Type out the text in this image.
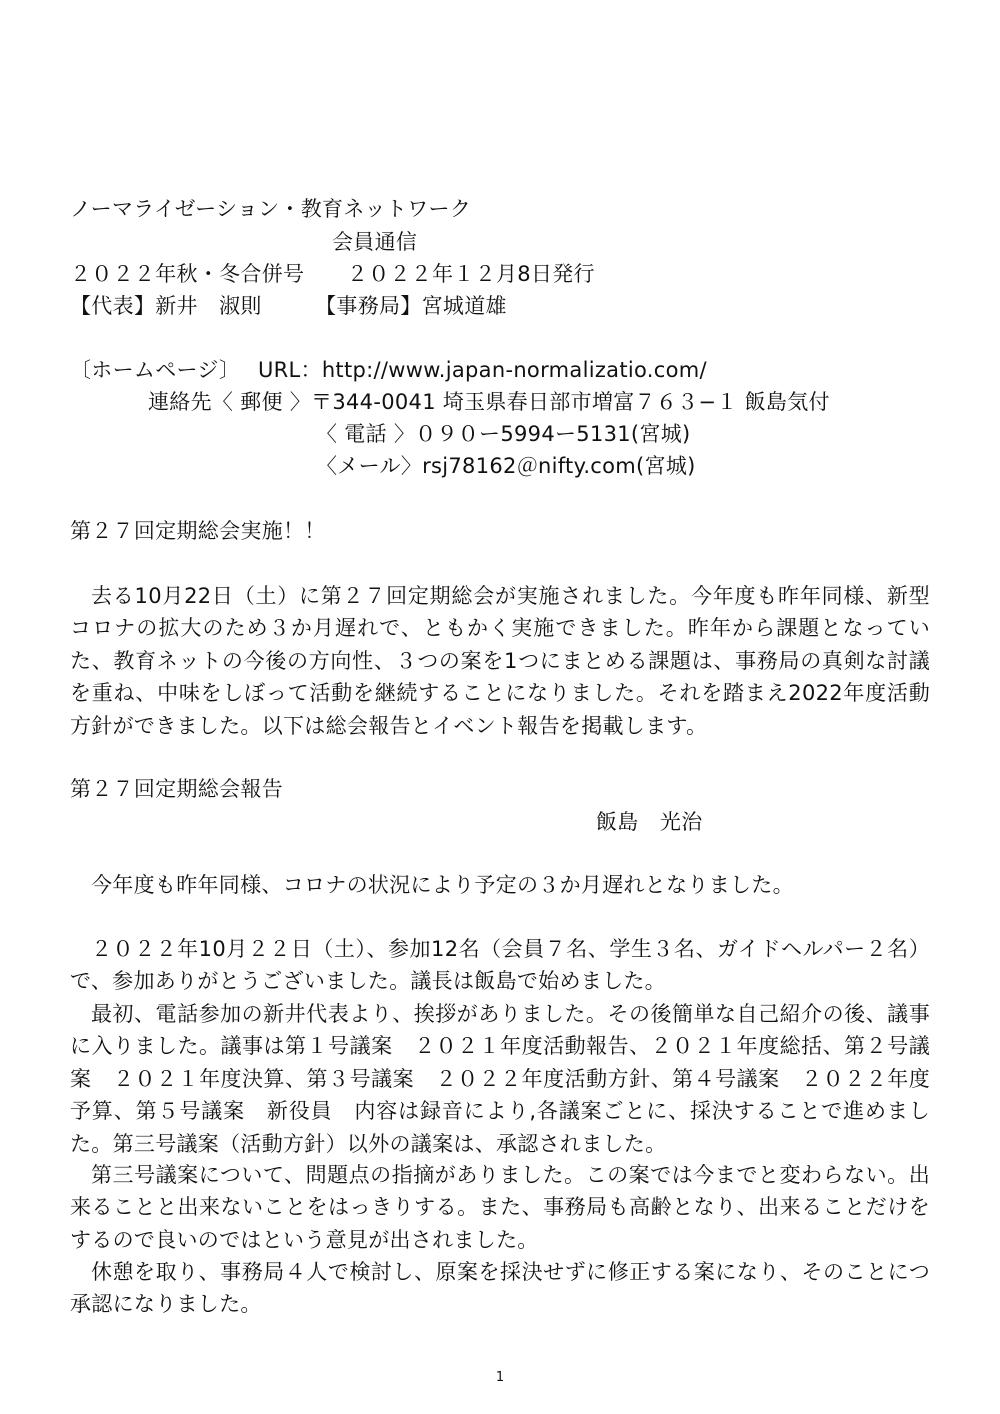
ノーマライゼーション・教育ネットワーク
会員通信
２０２２年秋・冬合併号　　２０２２年１２月8日発行
【代表】新井　淑則　　　【事務局】宮城道雄
〔ホームページ〕　 URL：http://www.japan-normalizatio.com/
連絡先〈 郵便 〉〒344-0041 埼玉県春日部市増富７６３−１ 飯島気付
〈 電話 〉０９０ー5994ー5131(宮城)
〈メール〉rsj78162＠nifty.com(宮城)
第２７回定期総会実施！！
去る10月22日（土）に第２７回定期総会が実施されました。今年度も昨年同様、新型コロナの拡大のため３か月遅れで、ともかく実施できました。昨年から課題となっていた、教育ネットの今後の方向性、３つの案を1つにまとめる課題は、事務局の真剣な討議を重ね、中味をしぼって活動を継続することになりました。それを踏まえ2022年度活動方針ができました。以下は総会報告とイベント報告を掲載します。
第２７回定期総会報告
飯島　光治
今年度も昨年同様、コロナの状況により予定の３か月遅れとなりました。
２０２２年10月２２日（土）、参加12名（会員７名、学生３名、ガイドヘルパー２名）で、参加ありがとうございました。議長は飯島で始めました。
最初、電話参加の新井代表より、挨拶がありました。その後簡単な自己紹介の後、議事に入りました。議事は第１号議案　２０２１年度活動報告、２０２１年度総括、第２号議案　２０２１年度決算、第３号議案　２０２２年度活動方針、第４号議案　２０２２年度予算、第５号議案　新役員　内容は録音により,各議案ごとに、採決することで進めました。第三号議案（活動方針）以外の議案は、承認されました。
第三号議案について、問題点の指摘がありました。この案では今までと変わらない。出来ることと出来ないことをはっきりする。また、事務局も高齢となり、出来ることだけをするので良いのではという意見が出されました。
休憩を取り、事務局４人で検討し、原案を採決せずに修正する案になり、そのことにつ承認になりました。
1
